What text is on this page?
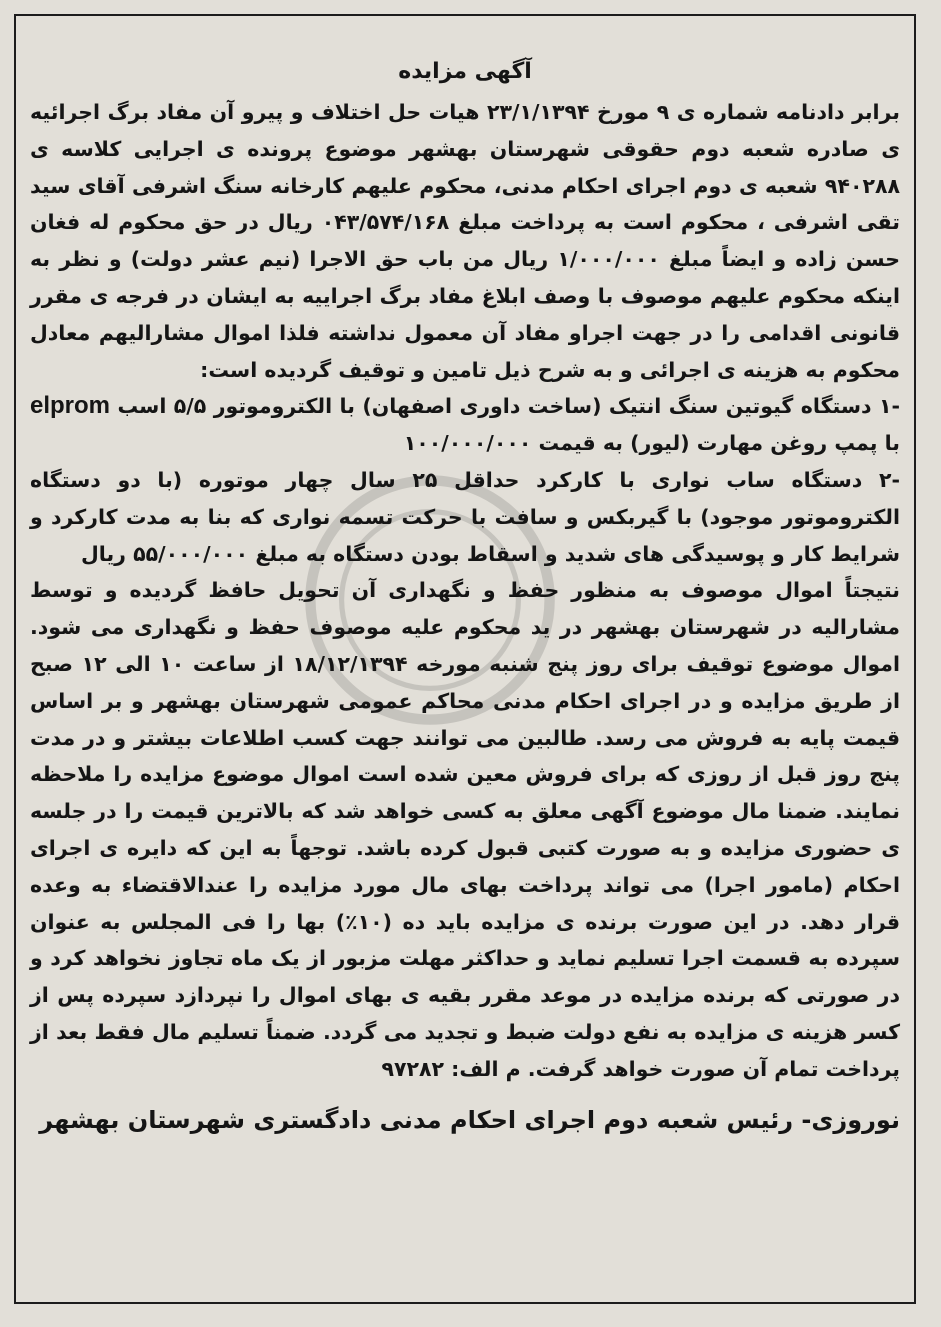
آگهی مزایده

برابر دادنامه شماره ی ۹ مورخ ۲۳/۱/۱۳۹۴ هیات حل اختلاف و پیرو آن مفاد برگ اجرائیه ی صادره شعبه دوم حقوقی شهرستان بهشهر موضوع پرونده ی اجرایی کلاسه ی ۹۴۰۲۸۸ شعبه ی دوم اجرای احکام مدنی، محکوم علیهم کارخانه سنگ اشرفی آقای سید تقی اشرفی ، محکوم است به پرداخت مبلغ ۰۴۳/۵۷۴/۱۶۸ ریال در حق محکوم له فغان حسن زاده و ایضاً مبلغ ۱/۰۰۰/۰۰۰ ریال من باب حق الاجرا (نیم عشر دولت) و نظر به اینکه محکوم علیهم موصوف با وصف ابلاغ مفاد برگ اجراییه به ایشان در فرجه ی مقرر قانونی اقدامی را در جهت اجراو مفاد آن معمول نداشته فلذا اموال مشارالیهم معادل محکوم به هزینه ی اجرائی و به شرح ذیل تامین و توقیف گردیده است:

-۱ دستگاه گیوتین سنگ انتیک (ساخت داوری اصفهان) با الکتروموتور ۵/۵ اسب elprom با پمپ روغن مهارت (لیور) به قیمت ۱۰۰/۰۰۰/۰۰۰

-۲ دستگاه ساب نواری با کارکرد حداقل ۲۵ سال چهار موتوره (با دو دستگاه الکتروموتور موجود) با گیربکس و سافت با حرکت تسمه نواری که بنا به مدت کارکرد و شرایط کار و پوسیدگی های شدید و اسقاط بودن دستگاه به مبلغ ۵۵/۰۰۰/۰۰۰ ریال

نتیجتاً اموال موصوف به منظور حفظ و نگهداری آن تحویل حافظ گردیده و توسط مشارالیه در شهرستان بهشهر در ید محکوم علیه موصوف حفظ و نگهداری می شود. اموال موضوع توقیف برای روز پنج شنبه مورخه ۱۸/۱۲/۱۳۹۴ از ساعت ۱۰ الی ۱۲ صبح از طریق مزایده و در اجرای احکام مدنی محاکم عمومی شهرستان بهشهر و بر اساس قیمت پایه به فروش می رسد. طالبین می توانند جهت کسب اطلاعات بیشتر و در مدت پنج روز قبل از روزی که برای فروش معین شده است اموال موضوع مزایده را ملاحظه نمایند. ضمنا مال موضوع آگهی معلق به کسی خواهد شد که بالاترین قیمت را در جلسه ی حضوری مزایده و به صورت کتبی قبول کرده باشد. توجهاً به این که دایره ی اجرای احکام (مامور اجرا) می تواند پرداخت بهای مال مورد مزایده را عندالاقتضاء به وعده قرار دهد. در این صورت برنده ی مزایده باید ده (۱۰٪) بها را فی المجلس به عنوان سپرده به قسمت اجرا تسلیم نماید و حداکثر مهلت مزبور از یک ماه تجاوز نخواهد کرد و در صورتی که برنده مزایده در موعد مقرر بقیه ی بهای اموال را نپردازد سپرده پس از کسر هزینه ی مزایده به نفع دولت ضبط و تجدید می گردد. ضمناً تسلیم مال فقط بعد از پرداخت تمام آن صورت خواهد گرفت. م الف: ۹۷۲۸۲

نوروزی- رئیس شعبه دوم اجرای احکام مدنی دادگستری شهرستان بهشهر
